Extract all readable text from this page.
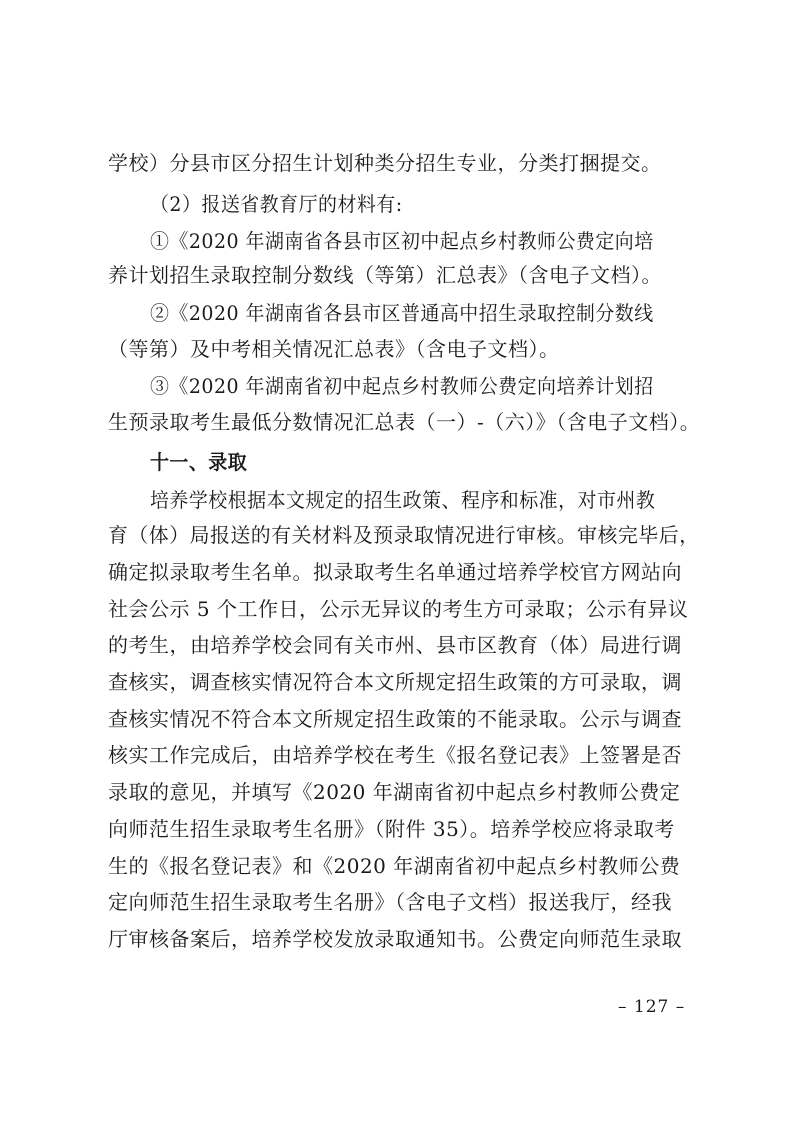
学校）分县市区分招生计划种类分招生专业，分类打捆提交。
（2）报送省教育厅的材料有:
①《2020 年湖南省各县市区初中起点乡村教师公费定向培
养计划招生录取控制分数线（等第）汇总表》（含电子文档）。
②《2020 年湖南省各县市区普通高中招生录取控制分数线
（等第）及中考相关情况汇总表》（含电子文档）。
③《2020 年湖南省初中起点乡村教师公费定向培养计划招
生预录取考生最低分数情况汇总表（一）-（六）》（含电子文档）。
十一、录取
培养学校根据本文规定的招生政策、程序和标准，对市州教
育（体）局报送的有关材料及预录取情况进行审核。审核完毕后，
确定拟录取考生名单。拟录取考生名单通过培养学校官方网站向
社会公示 5 个工作日，公示无异议的考生方可录取；公示有异议
的考生，由培养学校会同有关市州、县市区教育（体）局进行调
查核实，调查核实情况符合本文所规定招生政策的方可录取，调
查核实情况不符合本文所规定招生政策的不能录取。公示与调查
核实工作完成后，由培养学校在考生《报名登记表》上签署是否
录取的意见，并填写《2020 年湖南省初中起点乡村教师公费定
向师范生招生录取考生名册》（附件 35）。培养学校应将录取考
生的《报名登记表》和《2020 年湖南省初中起点乡村教师公费
定向师范生招生录取考生名册》（含电子文档）报送我厅，经我
厅审核备案后，培养学校发放录取通知书。公费定向师范生录取
– 127 –
